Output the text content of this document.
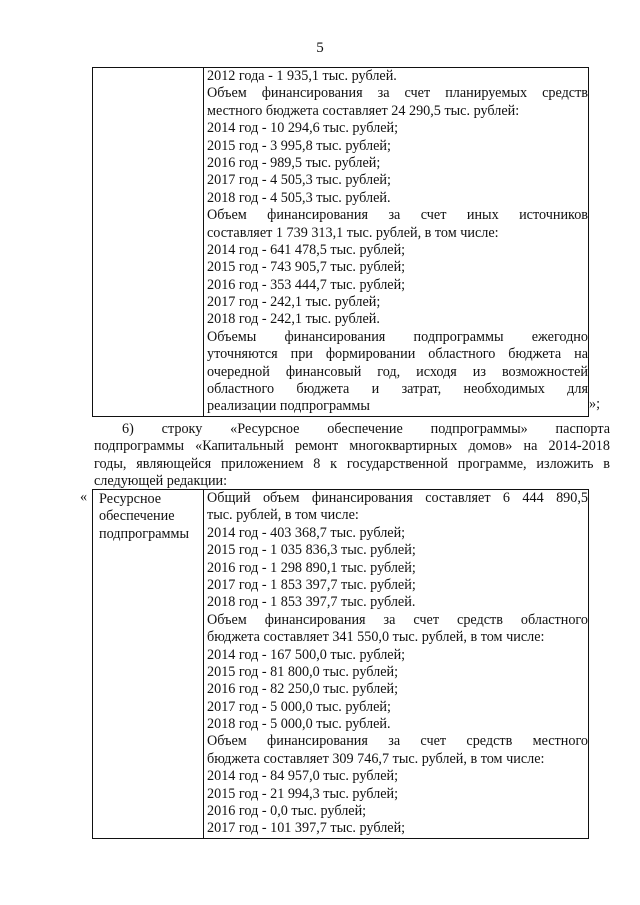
5

2012 года - 1 935,1 тыс. рублей.
Объем финансирования за счет планируемых средств
местного бюджета составляет 24 290,5 тыс. рублей:
2014 год - 10 294,6 тыс. рублей;
2015 год - 3 995,8 тыс. рублей;
2016 год - 989,5 тыс. рублей;
2017 год - 4 505,3 тыс. рублей;
2018 год - 4 505,3 тыс. рублей.
Объем финансирования за счет иных источников
составляет 1 739 313,1 тыс. рублей, в том числе:
2014 год - 641 478,5 тыс. рублей;
2015 год - 743 905,7 тыс. рублей;
2016 год - 353 444,7 тыс. рублей;
2017 год - 242,1 тыс. рублей;
2018 год - 242,1 тыс. рублей.
Объемы финансирования подпрограммы ежегодно
уточняются при формировании областного бюджета на
очередной финансовый год, исходя из возможностей
областного бюджета и затрат, необходимых для
реализации подпрограммы	»;
6) строку «Ресурсное обеспечение подпрограммы» паспорта
подпрограммы «Капитальный ремонт многоквартирных домов» на 2014-2018
годы, являющейся приложением 8 к государственной программе, изложить в
следующей редакции:
« Ресурсное
обеспечение
подпрограммы

Общий объем финансирования составляет 6 444 890,5
тыс. рублей, в том числе:
2014 год - 403 368,7 тыс. рублей;
2015 год - 1 035 836,3 тыс. рублей;
2016 год - 1 298 890,1 тыс. рублей;
2017 год - 1 853 397,7 тыс. рублей;
2018 год - 1 853 397,7 тыс. рублей.
Объем финансирования за счет средств областного
бюджета составляет 341 550,0 тыс. рублей, в том числе:
2014 год - 167 500,0 тыс. рублей;
2015 год - 81 800,0 тыс. рублей;
2016 год - 82 250,0 тыс. рублей;
2017 год - 5 000,0 тыс. рублей;
2018 год - 5 000,0 тыс. рублей.
Объем финансирования за счет средств местного
бюджета составляет 309 746,7 тыс. рублей, в том числе:
2014 год - 84 957,0 тыс. рублей;
2015 год - 21 994,3 тыс. рублей;
2016 год - 0,0 тыс. рублей;
2017 год - 101 397,7 тыс. рублей;
